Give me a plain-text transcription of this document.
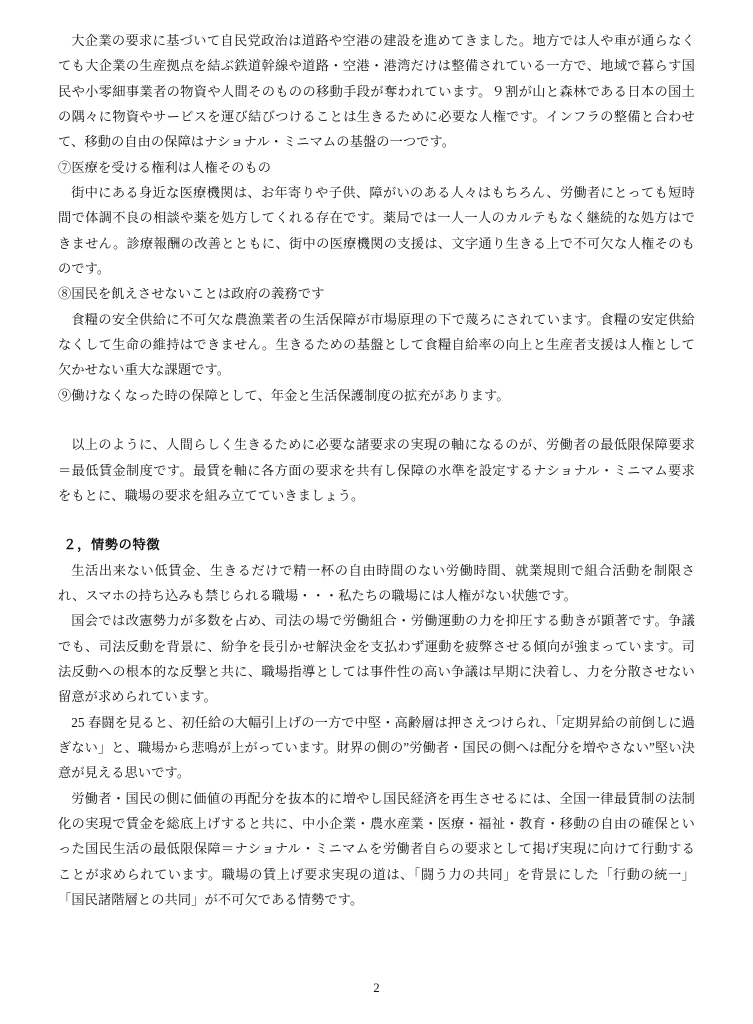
大企業の要求に基づいて自民党政治は道路や空港の建設を進めてきました。地方では人や車が通らなくても大企業の生産拠点を結ぶ鉄道幹線や道路・空港・港湾だけは整備されている一方で、地域で暮らす国民や小零細事業者の物資や人間そのものの移動手段が奪われています。９割が山と森林である日本の国土の隅々に物資やサービスを運び結びつけることは生きるために必要な人権です。インフラの整備と合わせて、移動の自由の保障はナショナル・ミニマムの基盤の一つです。

⑦医療を受ける権利は人権そのもの

街中にある身近な医療機関は、お年寄りや子供、障がいのある人々はもちろん、労働者にとっても短時間で体調不良の相談や薬を処方してくれる存在です。薬局では一人一人のカルテもなく継続的な処方はできません。診療報酬の改善とともに、街中の医療機関の支援は、文字通り生きる上で不可欠な人権そのものです。

⑧国民を飢えさせないことは政府の義務です

食糧の安全供給に不可欠な農漁業者の生活保障が市場原理の下で蔑ろにされています。食糧の安定供給なくして生命の維持はできません。生きるための基盤として食糧自給率の向上と生産者支援は人権として欠かせない重大な課題です。

⑨働けなくなった時の保障として、年金と生活保護制度の拡充があります。

以上のように、人間らしく生きるために必要な諸要求の実現の軸になるのが、労働者の最低限保障要求＝最低賃金制度です。最賃を軸に各方面の要求を共有し保障の水準を設定するナショナル・ミニマム要求をもとに、職場の要求を組み立てていきましょう。

２，情勢の特徴

生活出来ない低賃金、生きるだけで精一杯の自由時間のない労働時間、就業規則で組合活動を制限され、スマホの持ち込みも禁じられる職場・・・私たちの職場には人権がない状態です。

国会では改憲勢力が多数を占め、司法の場で労働組合・労働運動の力を抑圧する動きが顕著です。争議でも、司法反動を背景に、紛争を長引かせ解決金を支払わず運動を疲弊させる傾向が強まっています。司法反動への根本的な反撃と共に、職場指導としては事件性の高い争議は早期に決着し、力を分散させない留意が求められています。

25 春闘を見ると、初任給の大幅引上げの一方で中堅・高齢層は押さえつけられ、「定期昇給の前倒しに過ぎない」と、職場から悲鳴が上がっています。財界の側の”労働者・国民の側へは配分を増やさない”堅い決意が見える思いです。

労働者・国民の側に価値の再配分を抜本的に増やし国民経済を再生させるには、全国一律最賃制の法制化の実現で賃金を総底上げすると共に、中小企業・農水産業・医療・福祉・教育・移動の自由の確保といった国民生活の最低限保障＝ナショナル・ミニマムを労働者自らの要求として掲げ実現に向けて行動することが求められています。職場の賃上げ要求実現の道は、「闘う力の共同」を背景にした「行動の統一」「国民諸階層との共同」が不可欠である情勢です。

2
